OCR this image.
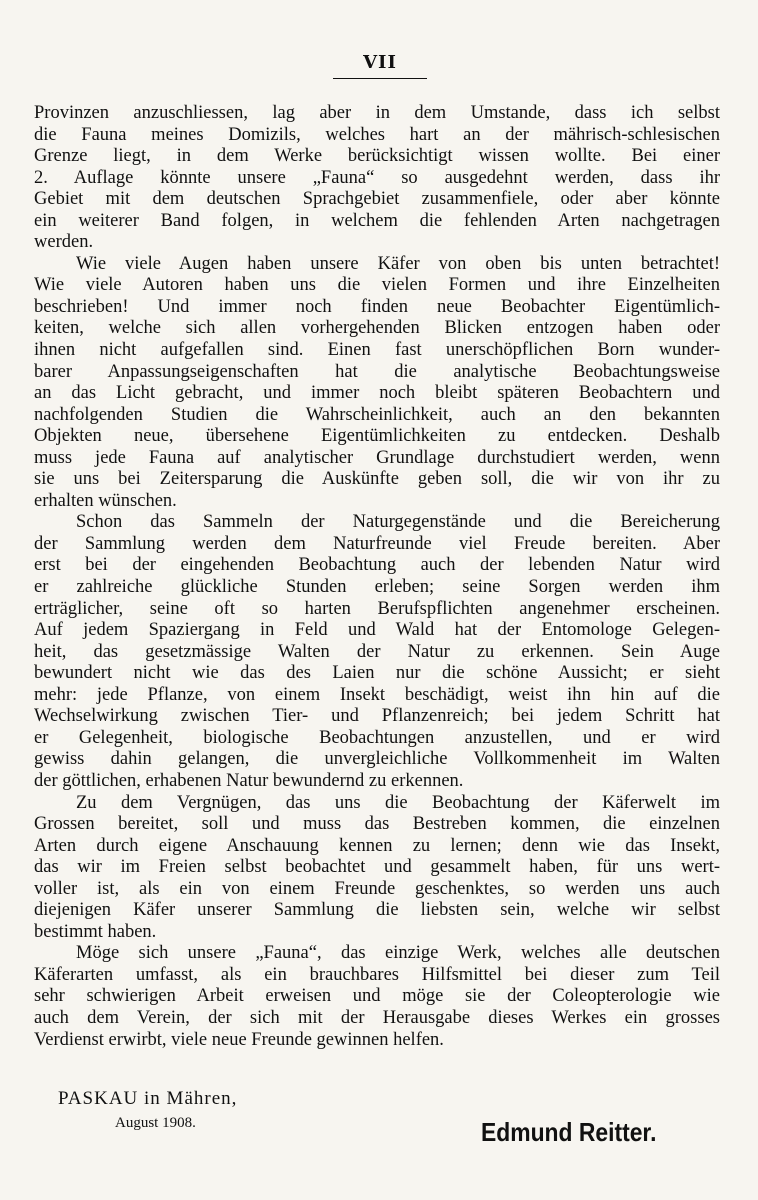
VII
Provinzen anzuschliessen, lag aber in dem Umstande, dass ich selbst
die Fauna meines Domizils, welches hart an der mährisch-schlesischen
Grenze liegt, in dem Werke berücksichtigt wissen wollte. Bei einer
2. Auflage könnte unsere „Fauna“ so ausgedehnt werden, dass ihr
Gebiet mit dem deutschen Sprachgebiet zusammenfiele, oder aber könnte
ein weiterer Band folgen, in welchem die fehlenden Arten nachgetragen
werden.
Wie viele Augen haben unsere Käfer von oben bis unten betrachtet!
Wie viele Autoren haben uns die vielen Formen und ihre Einzelheiten
beschrieben! Und immer noch finden neue Beobachter Eigentümlich-
keiten, welche sich allen vorhergehenden Blicken entzogen haben oder
ihnen nicht aufgefallen sind. Einen fast unerschöpflichen Born wunder-
barer Anpassungseigenschaften hat die analytische Beobachtungsweise
an das Licht gebracht, und immer noch bleibt späteren Beobachtern und
nachfolgenden Studien die Wahrscheinlichkeit, auch an den bekannten
Objekten neue, übersehene Eigentümlichkeiten zu entdecken. Deshalb
muss jede Fauna auf analytischer Grundlage durchstudiert werden, wenn
sie uns bei Zeitersparung die Auskünfte geben soll, die wir von ihr zu
erhalten wünschen.
Schon das Sammeln der Naturgegenstände und die Bereicherung
der Sammlung werden dem Naturfreunde viel Freude bereiten. Aber
erst bei der eingehenden Beobachtung auch der lebenden Natur wird
er zahlreiche glückliche Stunden erleben; seine Sorgen werden ihm
erträglicher, seine oft so harten Berufspflichten angenehmer erscheinen.
Auf jedem Spaziergang in Feld und Wald hat der Entomologe Gelegen-
heit, das gesetzmässige Walten der Natur zu erkennen. Sein Auge
bewundert nicht wie das des Laien nur die schöne Aussicht; er sieht
mehr: jede Pflanze, von einem Insekt beschädigt, weist ihn hin auf die
Wechselwirkung zwischen Tier- und Pflanzenreich; bei jedem Schritt hat
er Gelegenheit, biologische Beobachtungen anzustellen, und er wird
gewiss dahin gelangen, die unvergleichliche Vollkommenheit im Walten
der göttlichen, erhabenen Natur bewundernd zu erkennen.
Zu dem Vergnügen, das uns die Beobachtung der Käferwelt im
Grossen bereitet, soll und muss das Bestreben kommen, die einzelnen
Arten durch eigene Anschauung kennen zu lernen; denn wie das Insekt,
das wir im Freien selbst beobachtet und gesammelt haben, für uns wert-
voller ist, als ein von einem Freunde geschenktes, so werden uns auch
diejenigen Käfer unserer Sammlung die liebsten sein, welche wir selbst
bestimmt haben.
Möge sich unsere „Fauna“, das einzige Werk, welches alle deutschen
Käferarten umfasst, als ein brauchbares Hilfsmittel bei dieser zum Teil
sehr schwierigen Arbeit erweisen und möge sie der Coleopterologie wie
auch dem Verein, der sich mit der Herausgabe dieses Werkes ein grosses
Verdienst erwirbt, viele neue Freunde gewinnen helfen.
PASKAU in Mähren,
August 1908.	Edmund Reitter.
